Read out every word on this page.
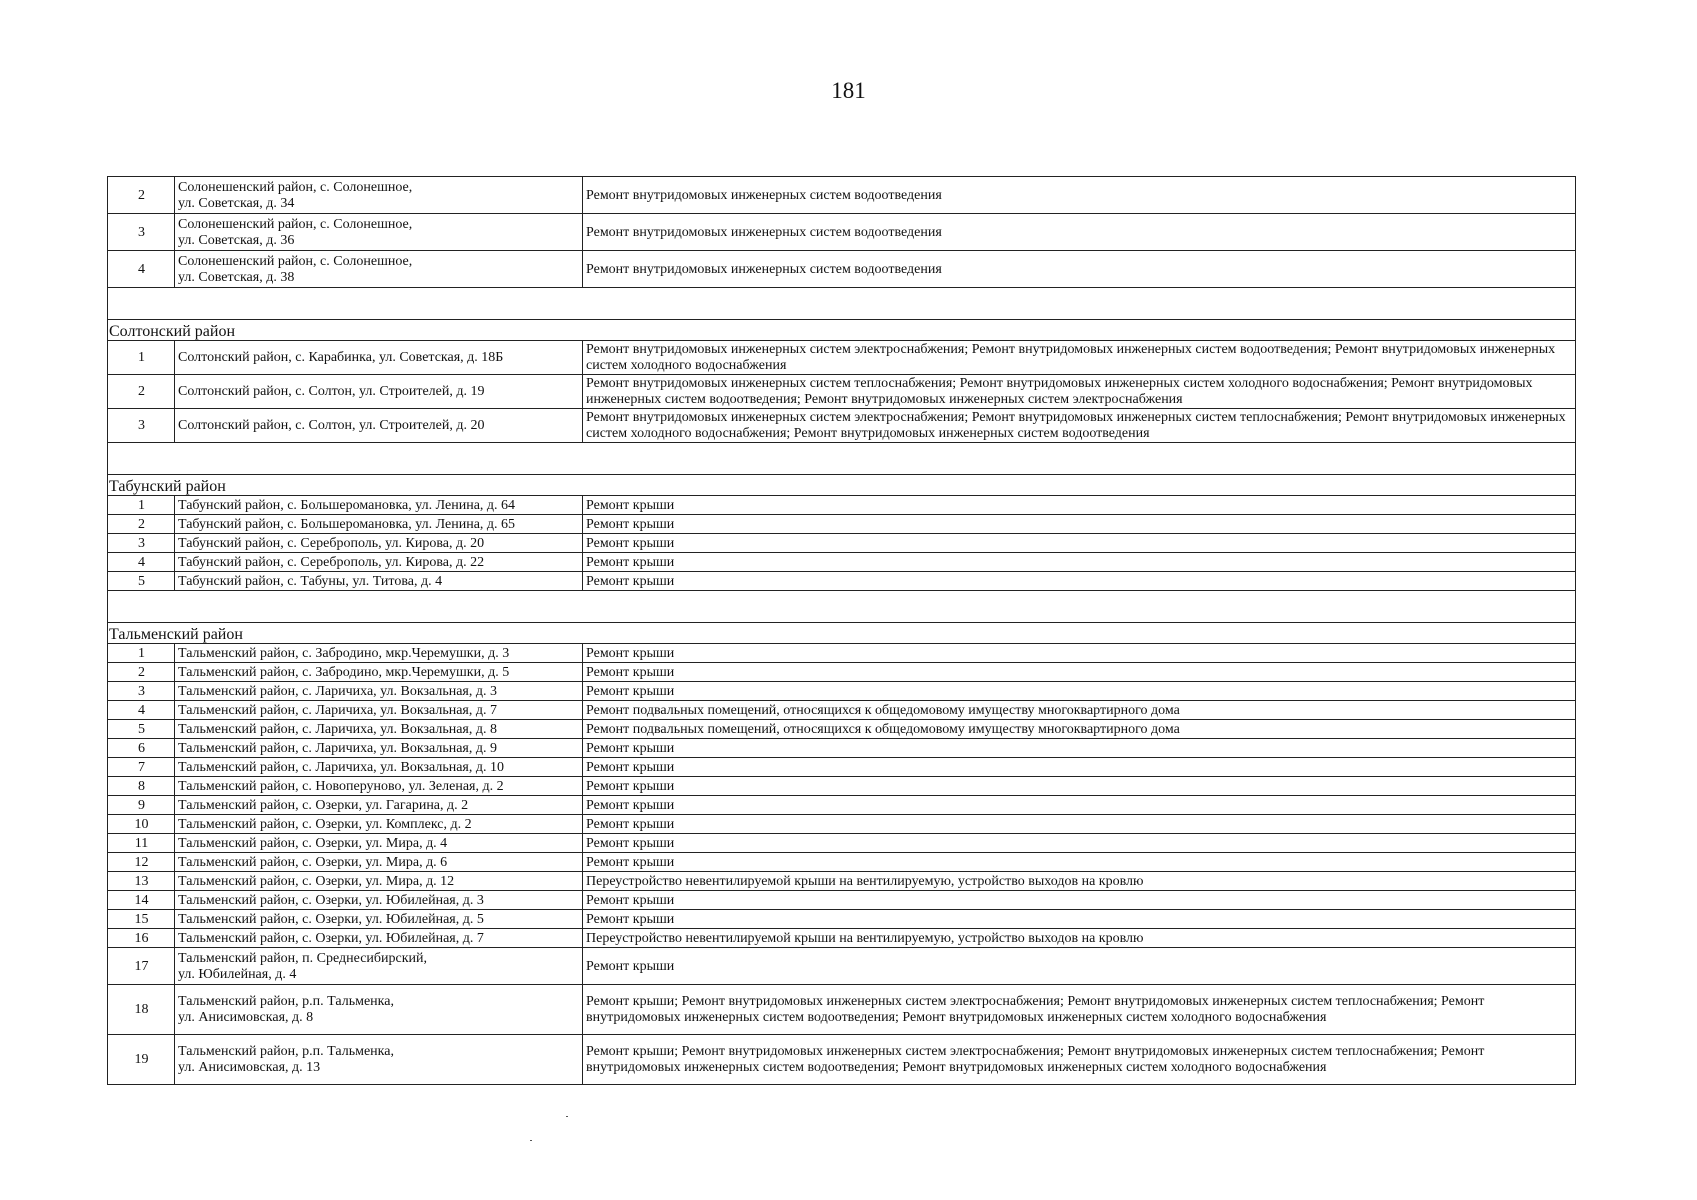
181
2	Солонешенский район, с. Солонешное,
ул. Советская, д. 34	Ремонт внутридомовых инженерных систем водоотведения
3	Солонешенский район, с. Солонешное,
ул. Советская, д. 36	Ремонт внутридомовых инженерных систем водоотведения
4	Солонешенский район, с. Солонешное,
ул. Советская, д. 38	Ремонт внутридомовых инженерных систем водоотведения

Солтонский район		
1	Солтонский район, с. Карабинка, ул. Советская, д. 18Б	Ремонт внутридомовых инженерных систем электроснабжения; Ремонт внутридомовых инженерных систем водоотведения; Ремонт внутридомовых инженерных систем холодного водоснабжения
2	Солтонский район, с. Солтон, ул. Строителей, д. 19	Ремонт внутридомовых инженерных систем теплоснабжения; Ремонт внутридомовых инженерных систем холодного водоснабжения; Ремонт внутридомовых инженерных систем водоотведения; Ремонт внутридомовых инженерных систем электроснабжения
3	Солтонский район, с. Солтон, ул. Строителей, д. 20	Ремонт внутридомовых инженерных систем электроснабжения; Ремонт внутридомовых инженерных систем теплоснабжения; Ремонт внутридомовых инженерных систем холодного водоснабжения; Ремонт внутридомовых инженерных систем водоотведения

Табунский район		
1	Табунский район, с. Большеромановка, ул. Ленина, д. 64	Ремонт крыши
2	Табунский район, с. Большеромановка, ул. Ленина, д. 65	Ремонт крыши
3	Табунский район, с. Сереброполь, ул. Кирова, д. 20	Ремонт крыши
4	Табунский район, с. Сереброполь, ул. Кирова, д. 22	Ремонт крыши
5	Табунский район, с. Табуны, ул. Титова, д. 4	Ремонт крыши

Тальменский район		
1	Тальменский район, с. Забродино, мкр.Черемушки, д. 3	Ремонт крыши
2	Тальменский район, с. Забродино, мкр.Черемушки, д. 5	Ремонт крыши
3	Тальменский район, с. Ларичиха, ул. Вокзальная, д. 3	Ремонт крыши
4	Тальменский район, с. Ларичиха, ул. Вокзальная, д. 7	Ремонт подвальных помещений, относящихся к общедомовому имуществу многоквартирного дома
5	Тальменский район, с. Ларичиха, ул. Вокзальная, д. 8	Ремонт подвальных помещений, относящихся к общедомовому имуществу многоквартирного дома
6	Тальменский район, с. Ларичиха, ул. Вокзальная, д. 9	Ремонт крыши
7	Тальменский район, с. Ларичиха, ул. Вокзальная, д. 10	Ремонт крыши
8	Тальменский район, с. Новоперуново, ул. Зеленая, д. 2	Ремонт крыши
9	Тальменский район, с. Озерки, ул. Гагарина, д. 2	Ремонт крыши
10	Тальменский район, с. Озерки, ул. Комплекс, д. 2	Ремонт крыши
11	Тальменский район, с. Озерки, ул. Мира, д. 4	Ремонт крыши
12	Тальменский район, с. Озерки, ул. Мира, д. 6	Ремонт крыши
13	Тальменский район, с. Озерки, ул. Мира, д. 12	Переустройство невентилируемой крыши на вентилируемую, устройство выходов на кровлю
14	Тальменский район, с. Озерки, ул. Юбилейная, д. 3	Ремонт крыши
15	Тальменский район, с. Озерки, ул. Юбилейная, д. 5	Ремонт крыши
16	Тальменский район, с. Озерки, ул. Юбилейная, д. 7	Переустройство невентилируемой крыши на вентилируемую, устройство выходов на кровлю
17	Тальменский район, п. Среднесибирский,
ул. Юбилейная, д. 4	Ремонт крыши
18	Тальменский район, р.п. Тальменка,
ул. Анисимовская, д. 8	Ремонт крыши; Ремонт внутридомовых инженерных систем электроснабжения; Ремонт внутридомовых инженерных систем теплоснабжения; Ремонт внутридомовых инженерных систем водоотведения; Ремонт внутридомовых инженерных систем холодного водоснабжения
19	Тальменский район, р.п. Тальменка,
ул. Анисимовская, д. 13	Ремонт крыши; Ремонт внутридомовых инженерных систем электроснабжения; Ремонт внутридомовых инженерных систем теплоснабжения; Ремонт внутридомовых инженерных систем водоотведения; Ремонт внутридомовых инженерных систем холодного водоснабжения
